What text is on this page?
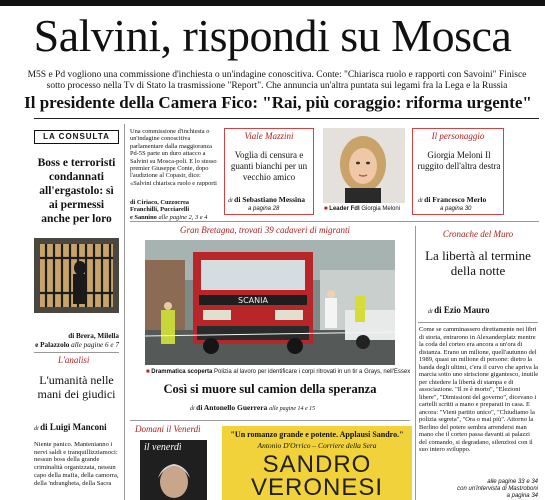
Salvini, rispondi su Mosca
M5S e Pd vogliono una commissione d'inchiesta o un'indagine conoscitiva. Conte: "Chiarisca ruolo e rapporti con Savoini" Finisce sotto processo nella Tv di Stato la trasmissione "Report". Che annuncia un'altra puntata sui legami fra la Lega e la Russia
Il presidente della Camera Fico: "Rai, più coraggio: riforma urgente"
LA CONSULTA
Boss e terroristi condannati all'ergastolo: sì ai permessi anche per loro
di Brera, Milella
e Palazzolo alle pagine 6 e 7
L'analisi
L'umanità nelle mani dei giudici
di di Luigi Manconi
Niente panico. Mantenianno i nervi saldi e tranquillizziamoci: nessun boss della grande criminalità organizzata, nessun capo della mafia, della camorra, della 'ndrangheta, della Sacra
Una commissione d'inchiesta o un'indagine conoscitiva parlamentare dalla maggioranza Pd-5S parte un duro attacco a Salvini su Mosca-poli. E lo stesso premier Giuseppe Conte, dopo l'audizione al Copasir, dice: «Salvini chiarisca ruolo e rapporti
di Ciriaco, Cuzzocrea Franchilli, Pucciarelli
e Sannino alle pagine 2, 3 e 4
Viale Mazzini
Voglia di censura e guanti bianchi per un vecchio amico
di di Sebastiano Messina
a pagina 28	■ Leader FdI Giorgia Meloni
Il personaggio
Giorgia Meloni Il ruggito dell'altra destra
di di Francesco Merlo
a pagina 30
Gran Bretagna, trovati 39 cadaveri di migranti
SCANIA
■ Drammatica scoperta Polizia al lavoro per identificare i corpi ritrovati in un tir a Grays, nell'Essex
Così si muore sul camion della speranza
di di Antonello Guerrera alle pagine 14 e 15
Domani il Venerdì
il venerdì
"Un romanzo grande e potente. Applausi Sandro."
Antonio D'Orrico – Corriere della Sera
SANDRO
VERONESI
Cronache del Muro
La libertà al termine della notte
di di Ezio Mauro
Come se camminassero direttamente nei libri di storia, entrarono in Alexanderplatz mentre la coda del corteo era ancora a un'ora di distanza. Erano un milione, quell'autunno del 1989, quasi un milione di persone: dietro la banda degli ultimi, c'era il curvo che apriva la marcia sotto uno striscione gigantesco, inutile per chiedere la libertà di stampa e di associazione. "Il re è morto", "Elezioni libere", "Dimissioni del governo", dicevano i cartelli scritti a mano e preparati in casa. E ancora: "Vieni partito unico", "Chiudiamo la polizia segreta", "Ora o mai più". Attorno la Berlino del potere sembra arrendersi man mano che il corteo passa davanti ai palazzi del comando, si degradano, silenziosi con il suo intero sviluppo.
alle pagine 33 e 34
con un'intervista di Mastroboni
a pagina 34
